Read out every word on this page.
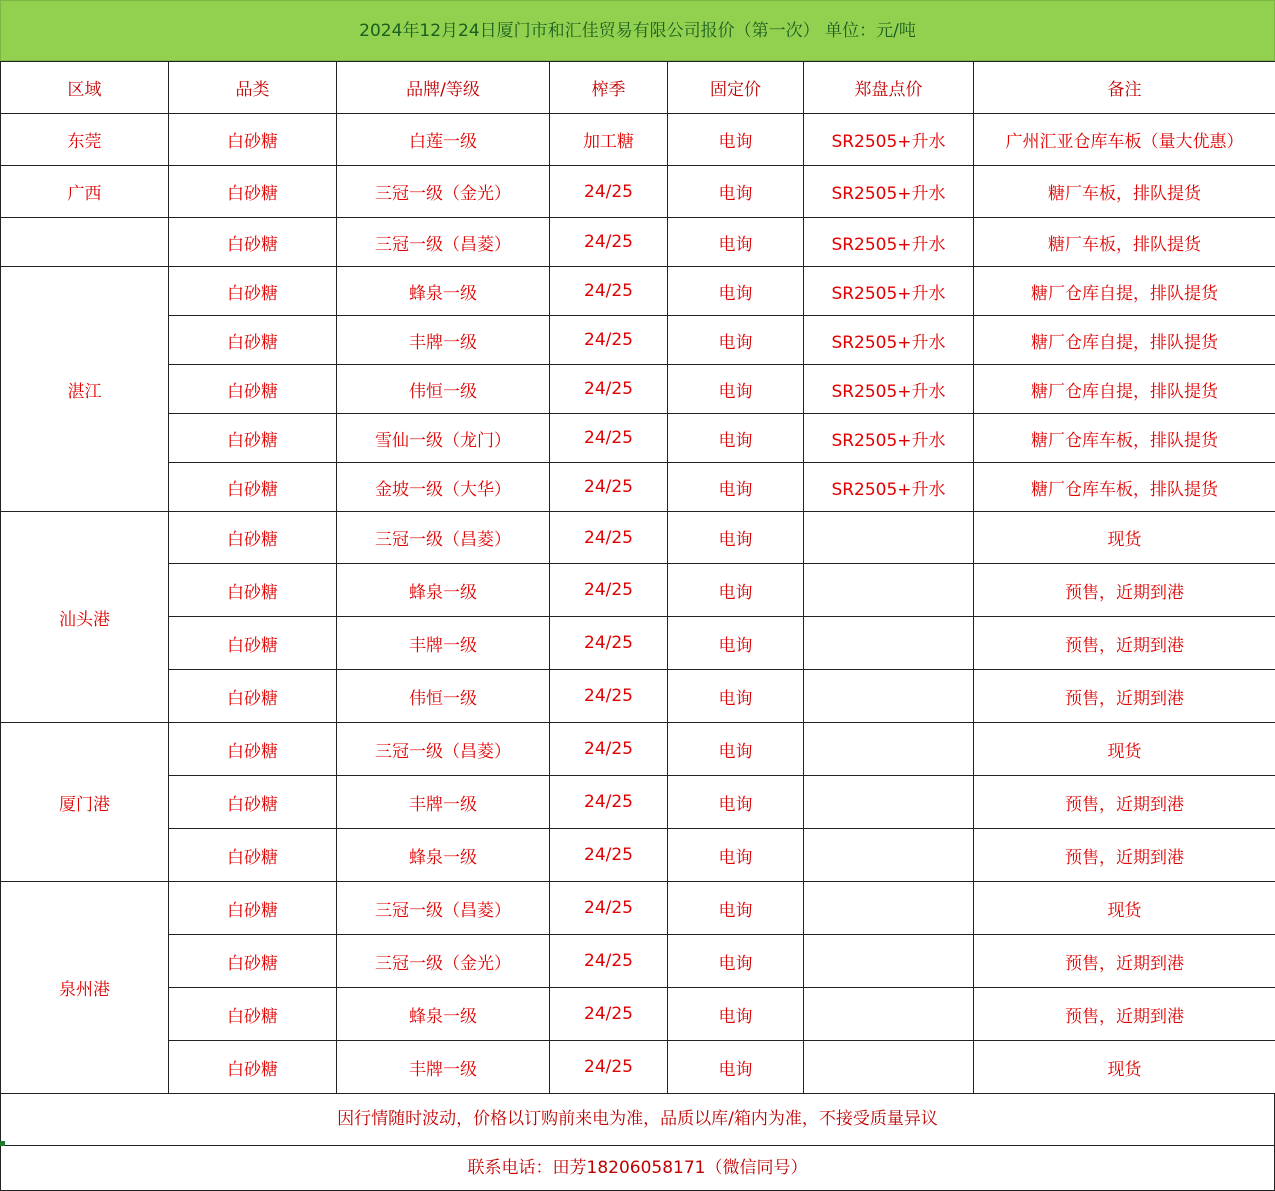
2024年12月24日厦门市和汇佳贸易有限公司报价（第一次） 单位：元/吨
区域	品类	品牌/等级	榨季	固定价	郑盘点价	备注
东莞	白砂糖	白莲一级	加工糖	电询	SR2505+升水	广州汇亚仓库车板（量大优惠）
广西	白砂糖	三冠一级（金光）	24/25	电询	SR2505+升水	糖厂车板，排队提货
	白砂糖	三冠一级（昌菱）	24/25	电询	SR2505+升水	糖厂车板，排队提货
湛江	白砂糖	蜂泉一级	24/25	电询	SR2505+升水	糖厂仓库自提，排队提货
	白砂糖	丰牌一级	24/25	电询	SR2505+升水	糖厂仓库自提，排队提货
	白砂糖	伟恒一级	24/25	电询	SR2505+升水	糖厂仓库自提，排队提货
	白砂糖	雪仙一级（龙门）	24/25	电询	SR2505+升水	糖厂仓库车板，排队提货
	白砂糖	金坡一级（大华）	24/25	电询	SR2505+升水	糖厂仓库车板，排队提货
汕头港	白砂糖	三冠一级（昌菱）	24/25	电询		现货
	白砂糖	蜂泉一级	24/25	电询		预售，近期到港
	白砂糖	丰牌一级	24/25	电询		预售，近期到港
	白砂糖	伟恒一级	24/25	电询		预售，近期到港
厦门港	白砂糖	三冠一级（昌菱）	24/25	电询		现货
	白砂糖	丰牌一级	24/25	电询		预售，近期到港
	白砂糖	蜂泉一级	24/25	电询		预售，近期到港
泉州港	白砂糖	三冠一级（昌菱）	24/25	电询		现货
	白砂糖	三冠一级（金光）	24/25	电询		预售，近期到港
	白砂糖	蜂泉一级	24/25	电询		预售，近期到港
	白砂糖	丰牌一级	24/25	电询		现货
因行情随时波动，价格以订购前来电为准，品质以库/箱内为准，不接受质量异议
联系电话：田芳18206058171（微信同号）
